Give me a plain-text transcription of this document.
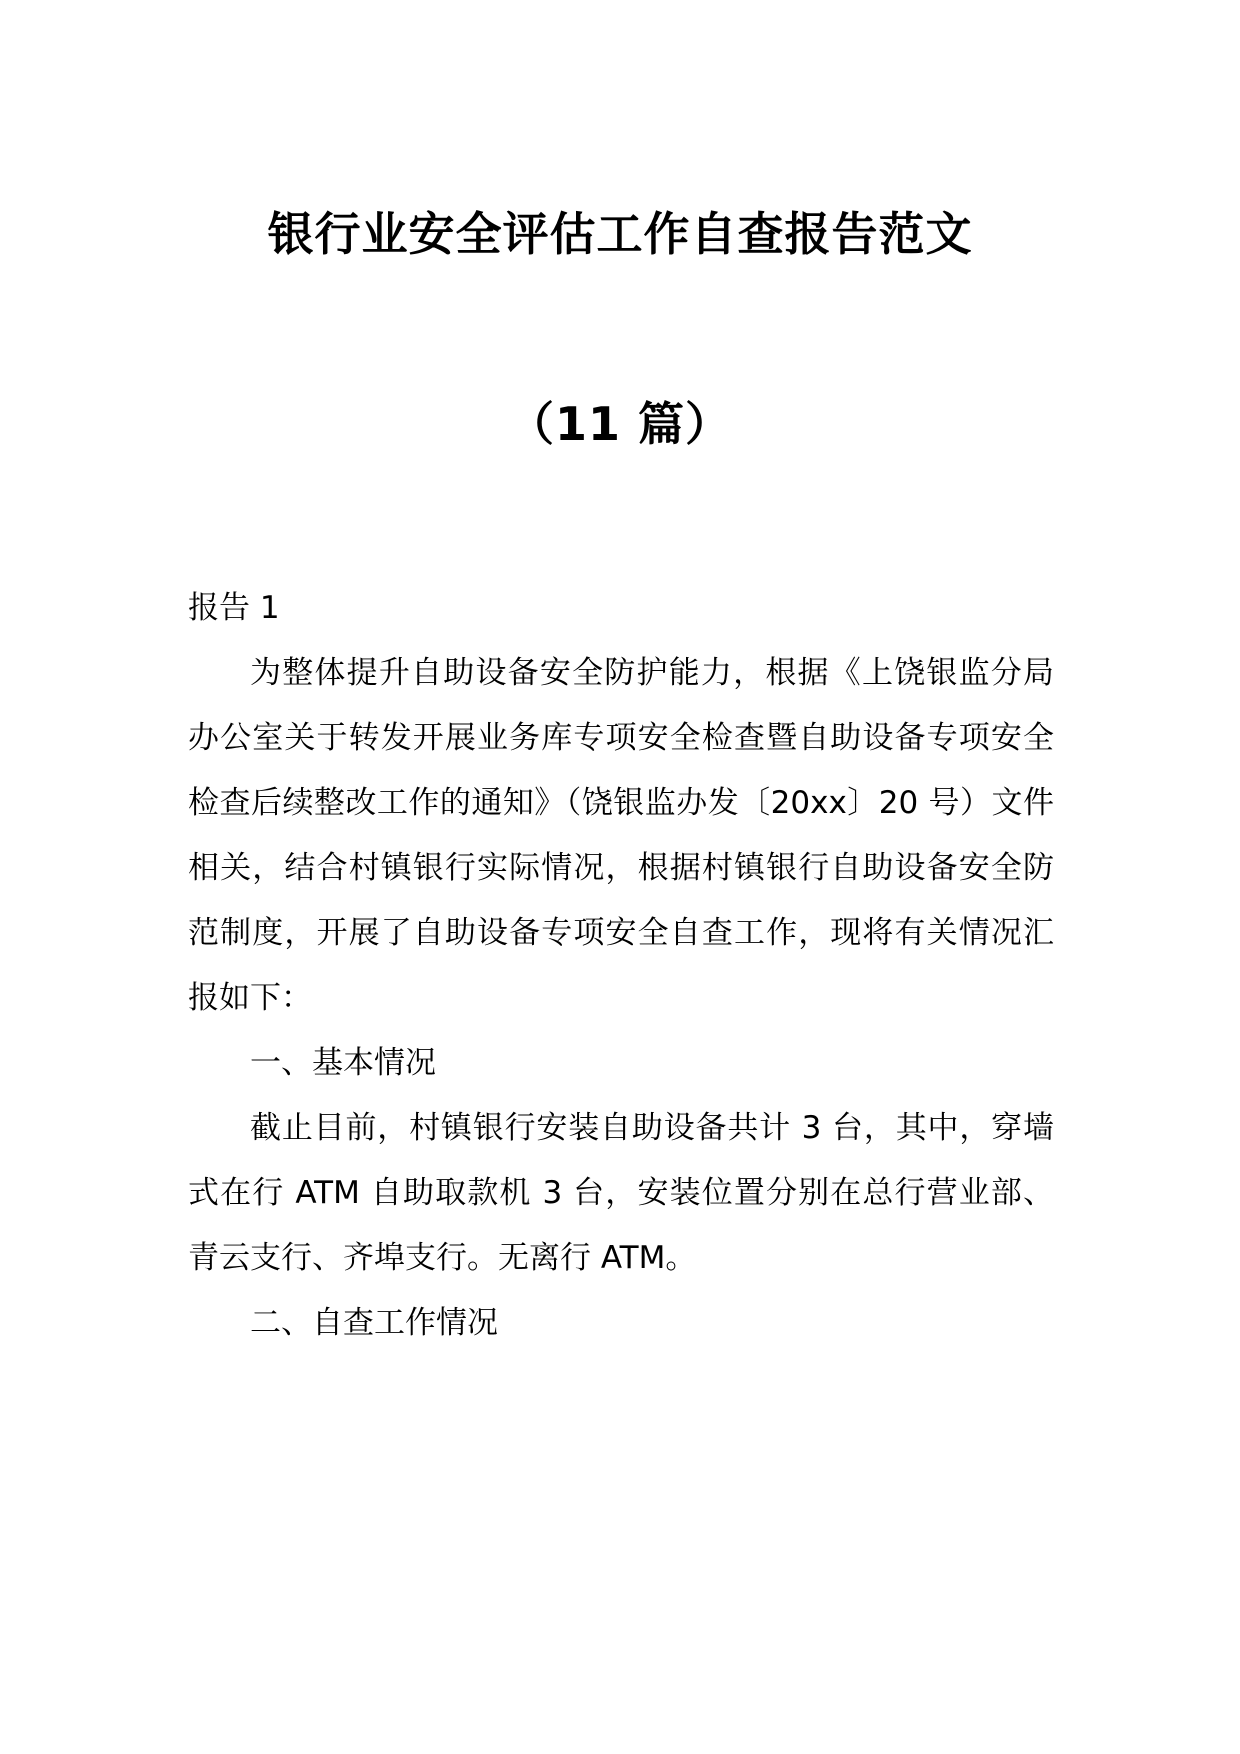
银行业安全评估工作自查报告范文
（11 篇）

报告 1

为整体提升自助设备安全防护能力，根据《上饶银监分局办公室关于转发开展业务库专项安全检查暨自助设备专项安全检查后续整改工作的通知》（饶银监办发〔20xx〕20 号）文件相关，结合村镇银行实际情况，根据村镇银行自助设备安全防范制度，开展了自助设备专项安全自查工作，现将有关情况汇报如下：

一、基本情况

截止目前，村镇银行安装自助设备共计 3 台，其中，穿墙式在行 ATM 自助取款机 3 台，安装位置分别在总行营业部、青云支行、齐埠支行。无离行 ATM。

二、自查工作情况
